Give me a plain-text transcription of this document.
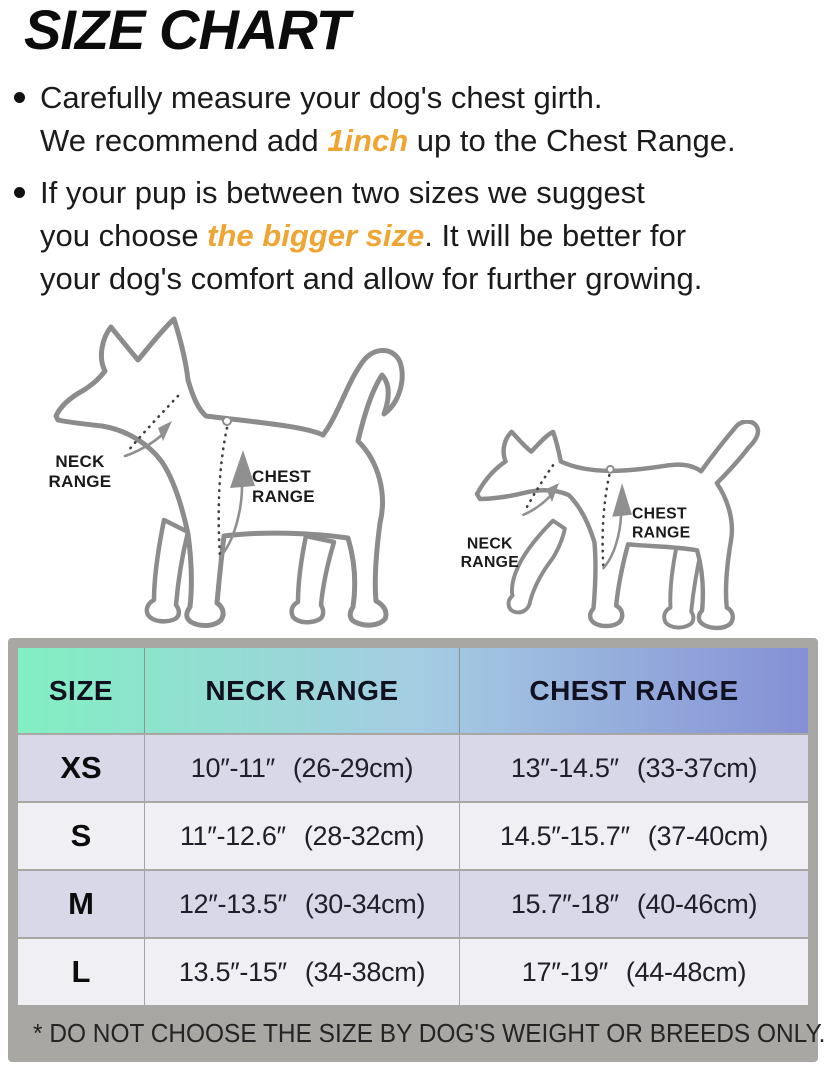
SIZE CHART

Carefully measure your dog's chest girth.
We recommend add 1inch up to the Chest Range.

If your pup is between two sizes we suggest
you choose the bigger size. It will be better for
your dog's comfort and allow for further growing.

NECK
RANGE	CHEST
RANGE
NECK
RANGE
CHEST
RANGE
SIZE	NECK RANGE	CHEST RANGE
XS	10″-11″ (26-29cm)	13″-14.5″ (33-37cm)
S	11″-12.6″ (28-32cm)	14.5″-15.7″ (37-40cm)
M	12″-13.5″ (30-34cm)	15.7″-18″ (40-46cm)
L	13.5″-15″ (34-38cm)	17″-19″ (44-48cm)
* DO NOT CHOOSE THE SIZE BY DOG'S WEIGHT OR BREEDS ONLY.
